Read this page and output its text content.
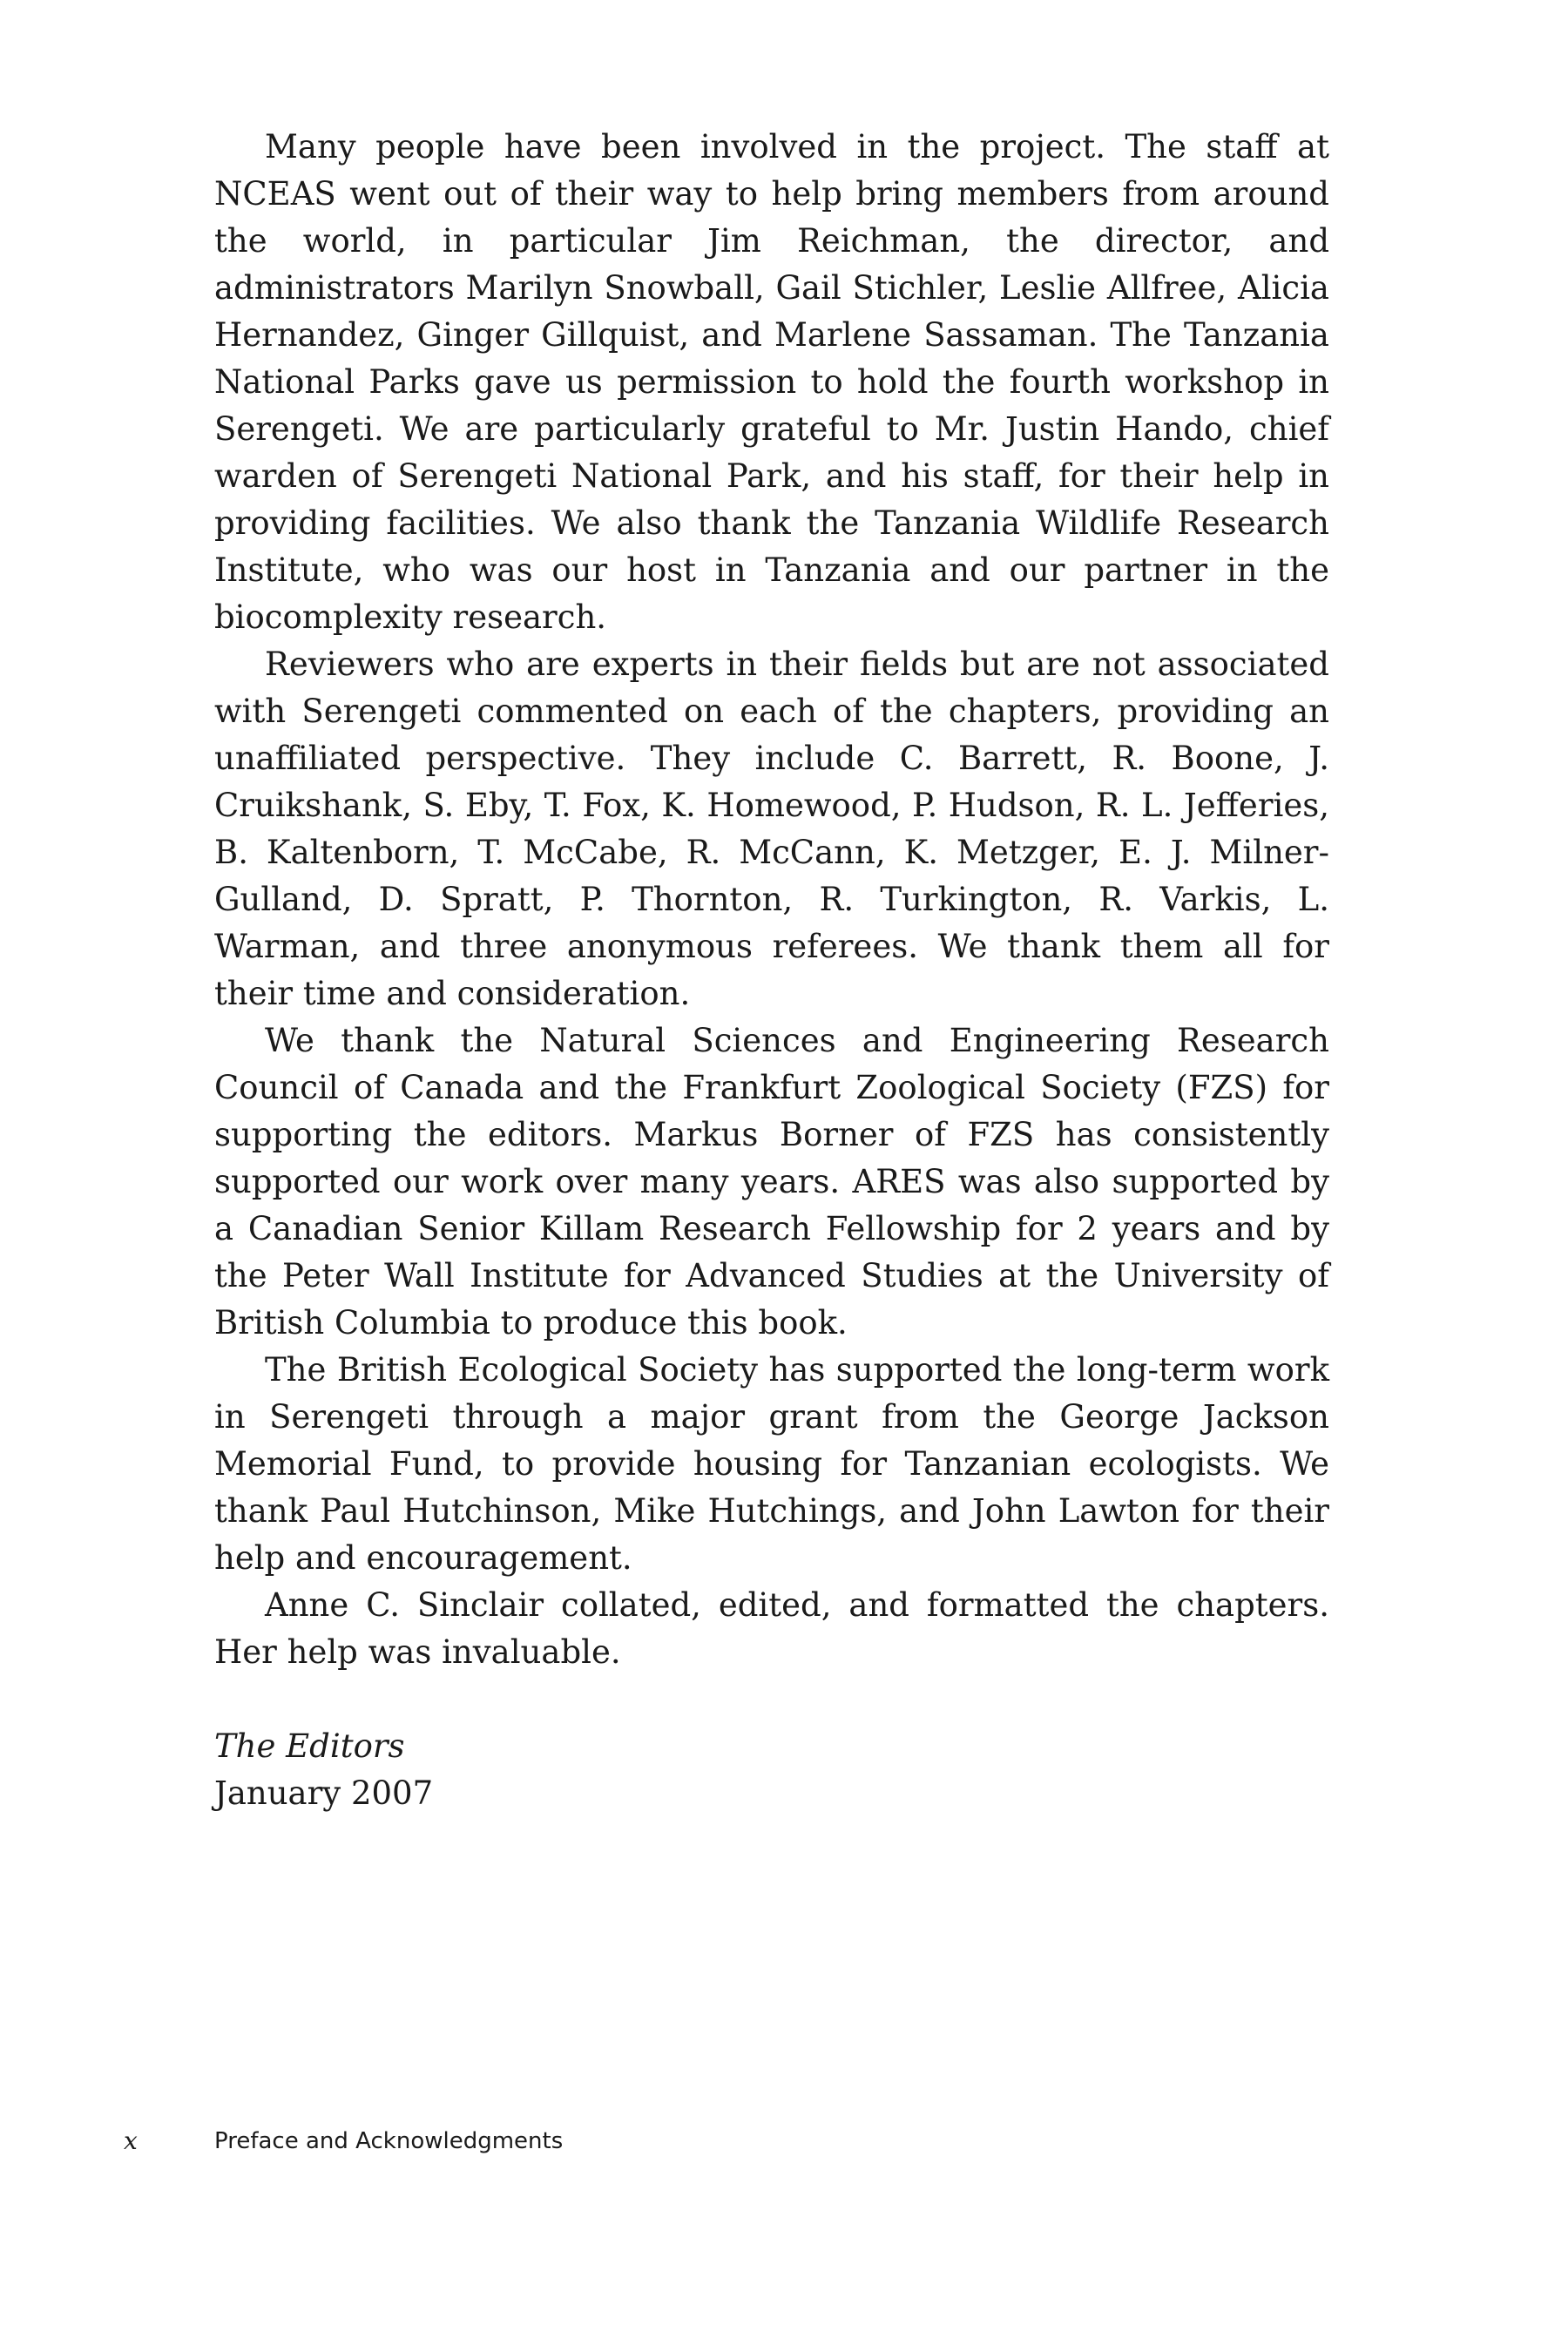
Many people have been involved in the project. The staff at NCEAS went out of their way to help bring members from around the world, in particular Jim Reichman, the director, and administrators Marilyn Snowball, Gail Stichler, Leslie Allfree, Alicia Hernandez, Ginger Gillquist, and Marlene Sassaman. The Tanzania National Parks gave us permission to hold the fourth workshop in Serengeti. We are particularly grateful to Mr. Justin Hando, chief warden of Serengeti National Park, and his staff, for their help in providing facilities. We also thank the Tanzania Wildlife Research Institute, who was our host in Tanzania and our partner in the biocomplexity research.

Reviewers who are experts in their fields but are not associated with Serengeti commented on each of the chapters, providing an unaffiliated perspective. They include C. Barrett, R. Boone, J. Cruikshank, S. Eby, T. Fox, K. Homewood, P. Hudson, R. L. Jefferies, B. Kaltenborn, T. McCabe, R. McCann, K. Metzger, E. J. Milner-Gulland, D. Spratt, P. Thornton, R. Turkington, R. Varkis, L. Warman, and three anonymous referees. We thank them all for their time and consideration.

We thank the Natural Sciences and Engineering Research Council of Canada and the Frankfurt Zoological Society (FZS) for supporting the editors. Markus Borner of FZS has consistently supported our work over many years. ARES was also supported by a Canadian Senior Killam Research Fellowship for 2 years and by the Peter Wall Institute for Advanced Studies at the University of British Columbia to produce this book.

The British Ecological Society has supported the long-term work in Serengeti through a major grant from the George Jackson Memorial Fund, to provide housing for Tanzanian ecologists. We thank Paul Hutchinson, Mike Hutchings, and John Lawton for their help and encouragement.

Anne C. Sinclair collated, edited, and formatted the chapters. Her help was invaluable.

The Editors
January 2007
x	Preface and Acknowledgments
